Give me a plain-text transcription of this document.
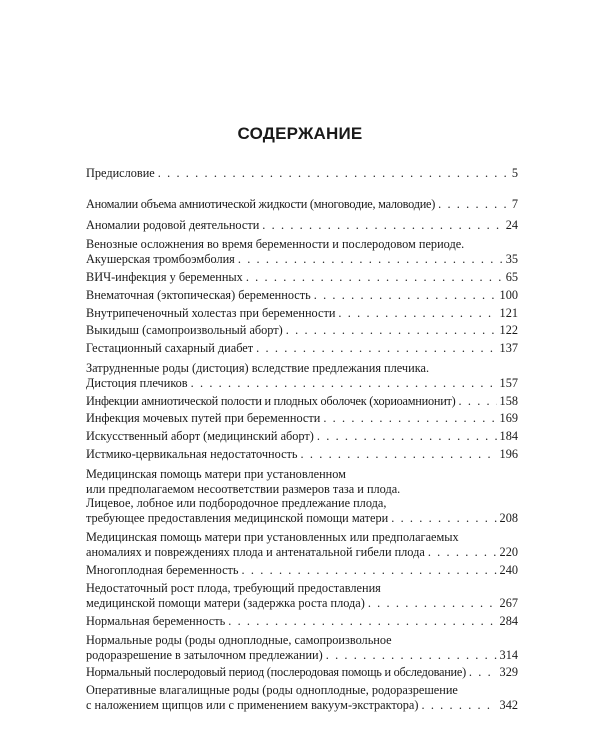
СОДЕРЖАНИЕ
Предисловие . . .	5
Аномалии объема амниотической жидкости (многоводие, маловодие) . . .	7
Аномалии родовой деятельности . . .	24
Венозные осложнения во время беременности и послеродовом периоде.
Акушерская тромбоэмболия . . .	35
ВИЧ-инфекция у беременных . . .	65
Внематочная (эктопическая) беременность . . .	100
Внутрипеченочный холестаз при беременности . . .	121
Выкидыш (самопроизвольный аборт) . . .	122
Гестационный сахарный диабет . . .	137
Затрудненные роды (дистоция) вследствие предлежания плечика.
Дистоция плечиков . . .	157
Инфекции амниотической полости и плодных оболочек (хориоамнионит) . . .	158
Инфекция мочевых путей при беременности . . .	169
Искусственный аборт (медицинский аборт) . . .	184
Истмико-цервикальная недостаточность . . .	196
Медицинская помощь матери при установленном
или предполагаемом несоответствии размеров таза и плода.
Лицевое, лобное или подбородочное предлежание плода,
требующее предоставления медицинской помощи матери . . .	208
Медицинская помощь матери при установленных или предполагаемых
аномалиях и повреждениях плода и антенатальной гибели плода . . .	220
Многоплодная беременность . . .	240
Недостаточный рост плода, требующий предоставления
медицинской помощи матери (задержка роста плода) . . .	267
Нормальная беременность . . .	284
Нормальные роды (роды одноплодные, самопроизвольное
родоразрешение в затылочном предлежании) . . .	314
Нормальный послеродовый период (послеродовая помощь и обследование) . . .	329
Оперативные влагалищные роды (роды одноплодные, родоразрешение
с наложением щипцов или с применением вакуум-экстрактора) . . .	342
